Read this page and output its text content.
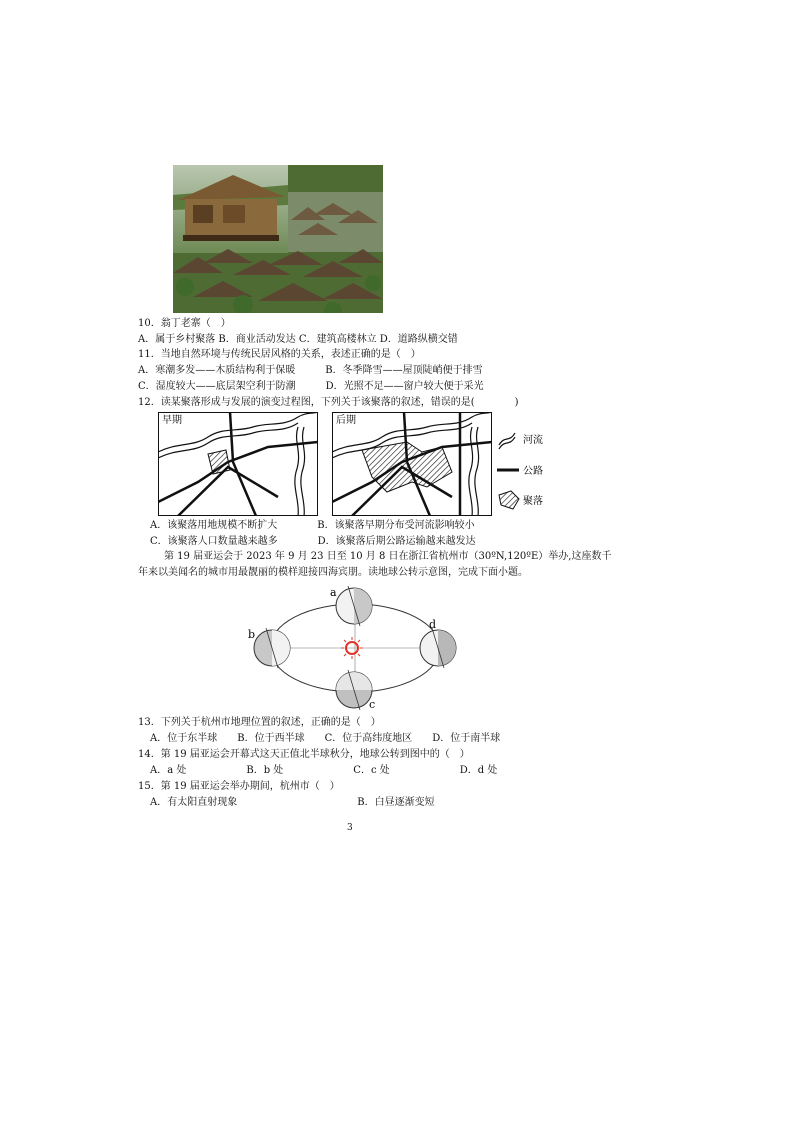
10．翁丁老寨（　）
A．属于乡村聚落 B．商业活动发达 C．建筑高楼林立 D．道路纵横交错
11．当地自然环境与传统民居风格的关系，表述正确的是（　）
A．寒潮多发——木质结构利于保暖　　　B．冬季降雪——屋顶陡峭便于排雪
C．湿度较大——底层架空利于防潮　　　D．光照不足——窗户较大便于采光
12．读某聚落形成与发展的演变过程图，下列关于该聚落的叙述，错误的是(　　　　)
早期	后期
河流
公路
聚落
A．该聚落用地规模不断扩大　　　　B．该聚落早期分布受河流影响较小
C．该聚落人口数量越来越多　　　　D．该聚落后期公路运输越来越发达
第 19 届亚运会于 2023 年 9 月 23 日至 10 月 8 日在浙江省杭州市（30ºN,120ºE）举办,这座数千
年来以美闻名的城市用最靓丽的模样迎接四海宾朋。读地球公转示意图，完成下面小题。
a
b
c
d
13．下列关于杭州市地理位置的叙述，正确的是（　）
A．位于东半球　　B．位于西半球　　C．位于高纬度地区　　D．位于南半球
14．第 19 届亚运会开幕式这天正值北半球秋分，地球公转到图中的（　）
A．a 处　　　　　　B．b 处　　　　　　　C．c 处　　　　　　　D．d 处
15．第 19 届亚运会举办期间，杭州市（　）
A．有太阳直射现象　　　　　　　　　　　　B．白昼逐渐变短
3
